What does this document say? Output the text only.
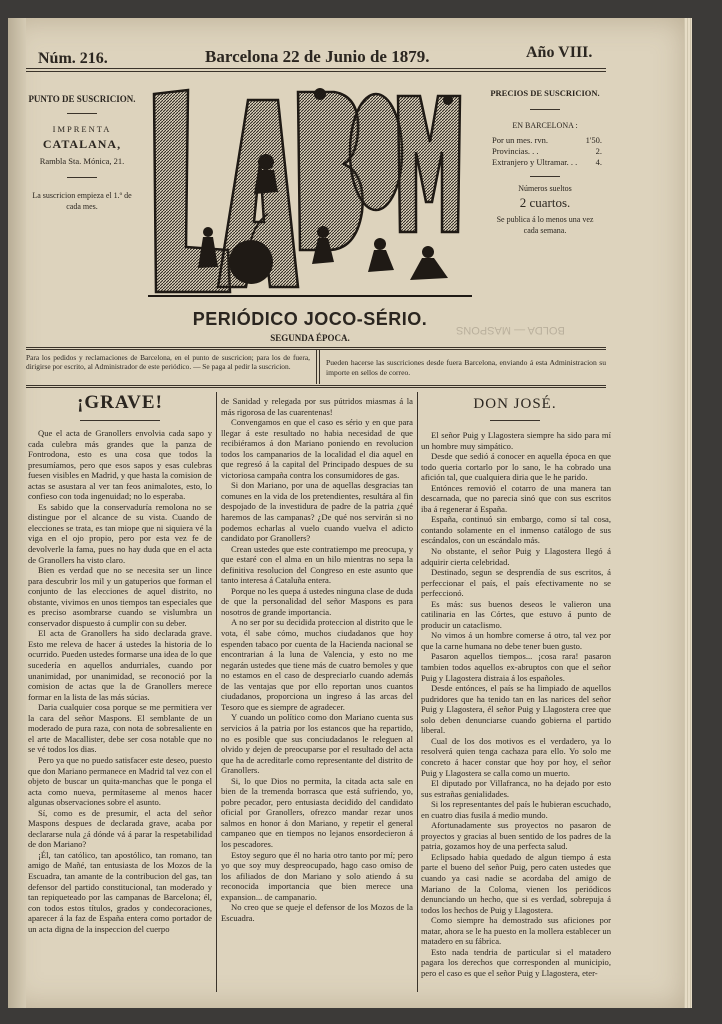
Núm. 216.	Barcelona 22 de Junio de 1879.	Año VIII.
PUNTO DE SUSCRICION.
IMPRENTA
CATALANA,
Rambla Sta. Mónica, 21.
La suscricion empieza el 1.º de cada mes.
PRECIOS DE SUSCRICION.
EN BARCELONA :
Por un mes. rvn.	1'50.
Provincias. . .	2.
Extranjero y Ultramar. . .	4.
Números sueltos
2 cuartos.
Se publica á lo menos una vez cada semana.
PERIÓDICO JOCO-SÉRIO.
SEGUNDA ÉPOCA.
BOLDA — MASPONS
Para los pedidos y reclamaciones de Barcelona, en el punto de suscricion; para los de fuera, dirigirse por escrito, al Administrador de este periódico. — Se paga al pedir la suscricion.	Pueden hacerse las suscriciones desde fuera Barcelona, enviando á esta Administracion su importe en sellos de correo.
¡GRAVE!

Que el acta de Granollers envolvia cada sapo y cada culebra más grandes que la panza de Fontrodona, esto es una cosa que todos la presumíamos, pero que esos sapos y esas culebras fuesen visibles en Madrid, y que hasta la comision de actas se asustara al ver tan feos animalotes, esto, lo confieso con toda ingenuidad; no lo esperaba.

Es sabido que la conservaduría remolona no se distingue por el alcance de su vista. Cuando de elecciones se trata, es tan miope que ni siquiera vé la viga en el ojo propio, pero por esta vez fe de devolverle la fama, pues no hay duda que en el acta de Granollers ha visto claro.

Bien es verdad que no se necesita ser un lince para descubrir los mil y un gatuperios que forman el conjunto de las elecciones de aquel distrito, no obstante, vivimos en unos tiempos tan especiales que es preciso asombrarse cuando se vislumbra un conservador dispuesto á cumplir con su deber.

El acta de Granollers ha sido declarada grave. Esto me releva de hacer á ustedes la historia de lo ocurrido. Pueden ustedes formarse una idea de lo que sucedería en aquellos andurriales, cuando por unanimidad, por unanimidad, se reconoció por la comision de actas que la de Granollers merece formar en la lista de las más súcias.

Daria cualquier cosa porque se me permitiera ver la cara del señor Maspons. El semblante de un moderado de pura raza, con nota de sobresaliente en el arte de Macallister, debe ser cosa notable que no se vé todos los dias.

Pero ya que no puedo satisfacer este deseo, puesto que don Mariano permanece en Madrid tal vez con el objeto de buscar un quita-manchas que le ponga el acta como nueva, permítaseme al menos hacer algunas observaciones sobre el asunto.

Sí, como es de presumir, el acta del señor Maspons despues de declarada grave, acaba por declararse nula ¿á dónde vá á parar la respetabilidad de don Mariano?

¡Él, tan católico, tan apostólico, tan romano, tan amigo de Mañé, tan entusiasta de los Mozos de la Escuadra, tan amante de la contribucion del gas, tan defensor del partido constitucional, tan moderado y tan repiqueteado por las campanas de Barcelona; él, con todos estos títulos, grados y condecoraciones, aparecer á la faz de España entera como portador de un acta digna de la inspeccion del cuerpo

de Sanidad y relegada por sus pútridos miasmas á la más rigorosa de las cuarentenas!

Convengamos en que el caso es sério y en que para llegar á este resultado no habia necesidad de que recibiéramos á don Mariano poniendo en revolucion todos los campanarios de la localidad el dia aquel en que regresó á la capital del Principado despues de su victoriosa campaña contra los consumidores de gas.

Si don Mariano, por una de aquellas desgracias tan comunes en la vida de los pretendientes, resultára al fin despojado de la investidura de padre de la patria ¿qué haremos de las campanas? ¿De qué nos servirán si no podemos echarlas al vuelo cuando vuelva el adicto candidato por Granollers?

Crean ustedes que este contratiempo me preocupa, y que estaré con el alma en un hilo mientras no sepa la definitiva resolucion del Congreso en este asunto que tanto interesa á Cataluña entera.

Porque no les quepa á ustedes ninguna clase de duda de que la personalidad del señor Maspons es para nosotros de grande importancia.

A no ser por su decidida proteccion al distrito que le vota, él sabe cómo, muchos ciudadanos que hoy espenden tabaco por cuenta de la Hacienda nacional se encontrarian á la luna de Valencia, y esto no me negarán ustedes que tiene más de cuatro bemoles y que no estamos en el caso de despreciarlo cuando además de las ventajas que por ello reportan unos cuantos ciudadanos, proporciona un ingreso á las arcas del Tesoro que es siempre de agradecer.

Y cuando un político como don Mariano cuenta sus servicios á la patria por los estancos que ha repartido, no es posible que sus conciudadanos le releguen al olvido y dejen de preocuparse por el resultado del acta que ha de acreditarle como representante del distrito de Granollers.

Si, lo que Dios no permita, la citada acta sale en bien de la tremenda borrasca que está sufriendo, yo, pobre pecador, pero entusiasta decidido del candidato oficial por Granollers, ofrezco mandar rezar unos salmos en honor á don Mariano, y repetir el general campaneo que en tiempos no lejanos ensordecieron á los pescadores.

Estoy seguro que él no haria otro tanto por mí; pero yo que soy muy despreocupado, hago caso omiso de los afiliados de don Mariano y solo atiendo á su reconocida importancia que bien merece una expansion... de campanario.

No creo que se queje el defensor de los Mozos de la Escuadra.

DON JOSÉ.

El señor Puig y Llagostera siempre ha sido para mí un hombre muy simpático.

Desde que sedió á conocer en aquella época en que todo queria cortarlo por lo sano, le ha cobrado una afición tal, que cualquiera diria que le he parido.

Entónces removió el cotarro de una manera tan descarnada, que no parecia sinó que con sus escritos iba á regenerar á España.

España, continuó sin embargo, como sí tal cosa, contando solamente en el inmenso catálogo de sus escándalos, con un escándalo más.

No obstante, el señor Puig y Llagostera llegó á adquirir cierta celebridad.

Destinado, segun se desprendía de sus escritos, á perfeccionar el país, el país efectivamente no se perfeccionó.

Es más: sus buenos deseos le valieron una catilinaria en las Córtes, que estuvo á punto de producir un cataclismo.

No vimos á un hombre comerse á otro, tal vez por que la carne humana no debe tener buen gusto.

Pasaron aquellos tiempos... ¡cosa rara! pasaron tambien todos aquellos ex-abruptos con que el señor Puig y Llagostera distraia á los españoles.

Desde entónces, el país se ha limpiado de aquellos pudridores que ha tenido tan en las narices del señor Puig y Llagostera, él señor Puig y Llagostera cree que solo deben denunciarse cuando gobierna el partido liberal.

Cual de los dos motivos es el verdadero, ya lo resolverá quien tenga cachaza para ello. Yo solo me concreto á hacer constar que hoy por hoy, el señor Puig y Llagostera se calla como un muerto.

El diputado por Villafranca, no ha dejado por esto sus estrañas genialidades.

Si los representantes del país le hubieran escuchado, en cuatro dias fusila á medio mundo.

Afortunadamente sus proyectos no pasaron de proyectos y gracias al buen sentido de los padres de la patria, gozamos hoy de una perfecta salud.

Eclipsado habia quedado de algun tiempo á esta parte el bueno del señor Puig, pero caten ustedes que cuando ya casi nadie se acordaba del amigo de Mariano de la Coloma, vienen los periódicos denunciando un hecho, que si es verdad, sobrepuja á todos los hechos de Puig y Llagostera.

Como siempre ha demostrado sus aficiones por matar, ahora se le ha puesto en la mollera establecer un matadero en su fábrica.

Esto nada tendria de particular si el matadero pagara los derechos que corresponden al municipio, pero el caso es que el señor Puig y Llagostera, eter-
